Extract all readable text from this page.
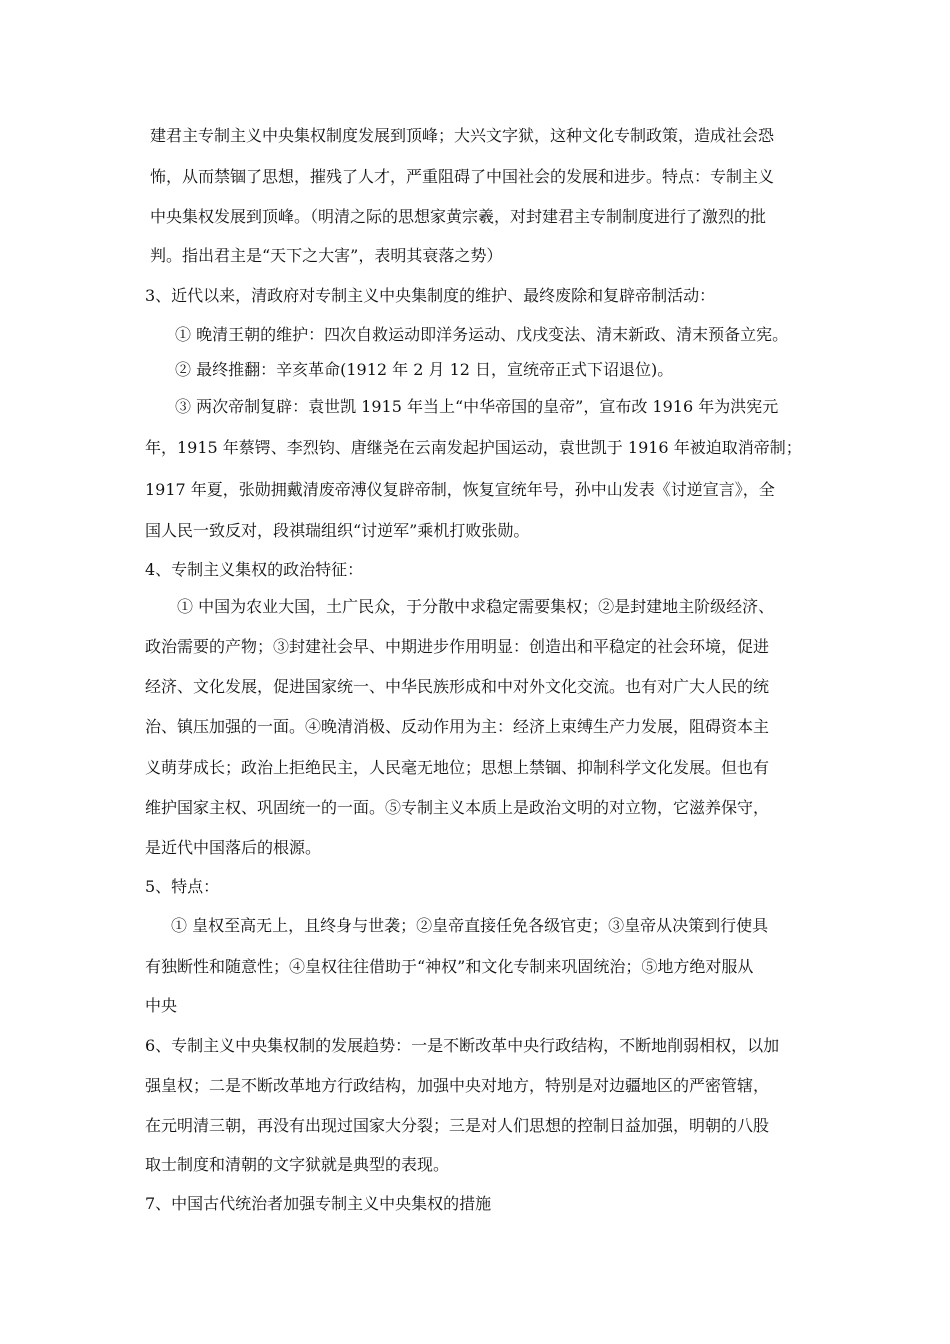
建君主专制主义中央集权制度发展到顶峰；大兴文字狱，这种文化专制政策，造成社会恐
怖，从而禁锢了思想，摧残了人才，严重阻碍了中国社会的发展和进步。特点：专制主义
中央集权发展到顶峰。（明清之际的思想家黄宗羲，对封建君主专制制度进行了激烈的批
判。指出君主是“天下之大害”，表明其衰落之势）
3、近代以来，清政府对专制主义中央集制度的维护、最终废除和复辟帝制活动：
① 晚清王朝的维护：四次自救运动即洋务运动、戊戌变法、清末新政、清末预备立宪。
② 最终推翻：辛亥革命(1912 年 2 月 12 日，宣统帝正式下诏退位)。
③ 两次帝制复辟：袁世凯 1915 年当上“中华帝国的皇帝”，宣布改 1916 年为洪宪元
年，1915 年蔡锷、李烈钧、唐继尧在云南发起护国运动，袁世凯于 1916 年被迫取消帝制；
1917 年夏，张勋拥戴清废帝溥仪复辟帝制，恢复宣统年号，孙中山发表《讨逆宣言》，全
国人民一致反对，段祺瑞组织“讨逆军”乘机打败张勋。
4、专制主义集权的政治特征：
① 中国为农业大国，土广民众，于分散中求稳定需要集权；②是封建地主阶级经济、
政治需要的产物；③封建社会早、中期进步作用明显：创造出和平稳定的社会环境，促进
经济、文化发展，促进国家统一、中华民族形成和中对外文化交流。也有对广大人民的统
治、镇压加强的一面。④晚清消极、反动作用为主：经济上束缚生产力发展，阻碍资本主
义萌芽成长；政治上拒绝民主，人民毫无地位；思想上禁锢、抑制科学文化发展。但也有
维护国家主权、巩固统一的一面。⑤专制主义本质上是政治文明的对立物，它滋养保守，
是近代中国落后的根源。
5、特点：
① 皇权至高无上，且终身与世袭；②皇帝直接任免各级官吏；③皇帝从决策到行使具
有独断性和随意性；④皇权往往借助于“神权”和文化专制来巩固统治；⑤地方绝对服从
中央
6、专制主义中央集权制的发展趋势：一是不断改革中央行政结构，不断地削弱相权，以加
强皇权；二是不断改革地方行政结构，加强中央对地方，特别是对边疆地区的严密管辖，
在元明清三朝，再没有出现过国家大分裂；三是对人们思想的控制日益加强，明朝的八股
取士制度和清朝的文字狱就是典型的表现。
7、中国古代统治者加强专制主义中央集权的措施
